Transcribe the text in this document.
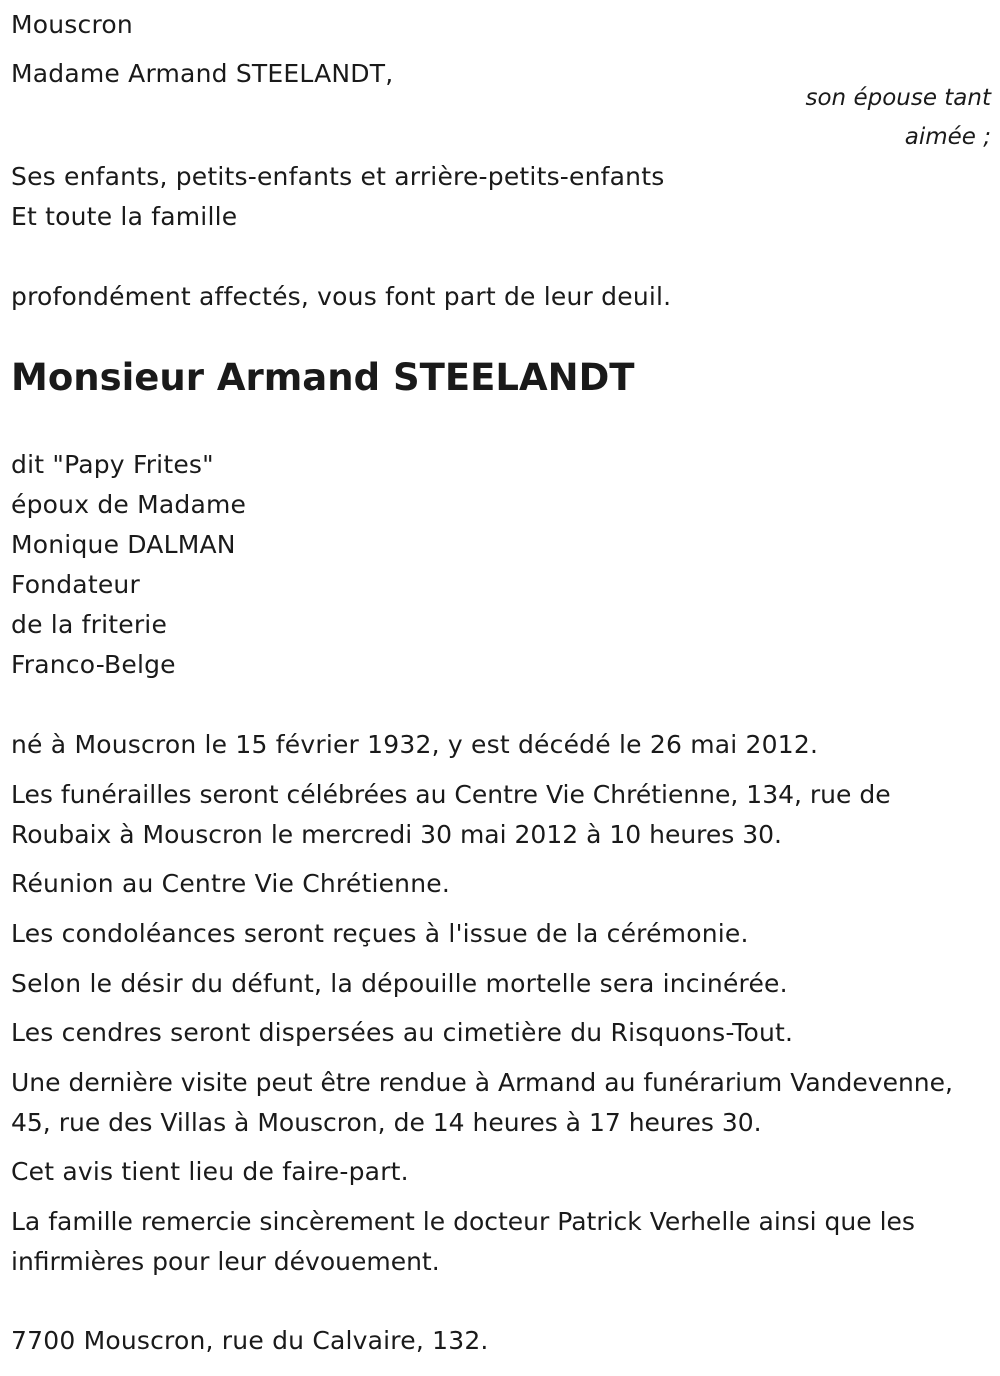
Mouscron
Madame Armand STEELANDT,
son épouse tant
aimée ;
Ses enfants, petits-enfants et arrière-petits-enfants
Et toute la famille
profondément affectés, vous font part de leur deuil.
Monsieur Armand STEELANDT
dit "Papy Frites"
époux de Madame
Monique DALMAN
Fondateur
de la friterie
Franco-Belge
né à Mouscron le 15 février 1932, y est décédé le 26 mai 2012.
Les funérailles seront célébrées au Centre Vie Chrétienne, 134, rue de Roubaix à Mouscron le mercredi 30 mai 2012 à 10 heures 30.
Réunion au Centre Vie Chrétienne.
Les condoléances seront reçues à l'issue de la cérémonie.
Selon le désir du défunt, la dépouille mortelle sera incinérée.
Les cendres seront dispersées au cimetière du Risquons-Tout.
Une dernière visite peut être rendue à Armand au funérarium Vandevenne, 45, rue des Villas à Mouscron, de 14 heures à 17 heures 30.
Cet avis tient lieu de faire-part.
La famille remercie sincèrement le docteur Patrick Verhelle ainsi que les infirmières pour leur dévouement.
7700 Mouscron, rue du Calvaire, 132.
